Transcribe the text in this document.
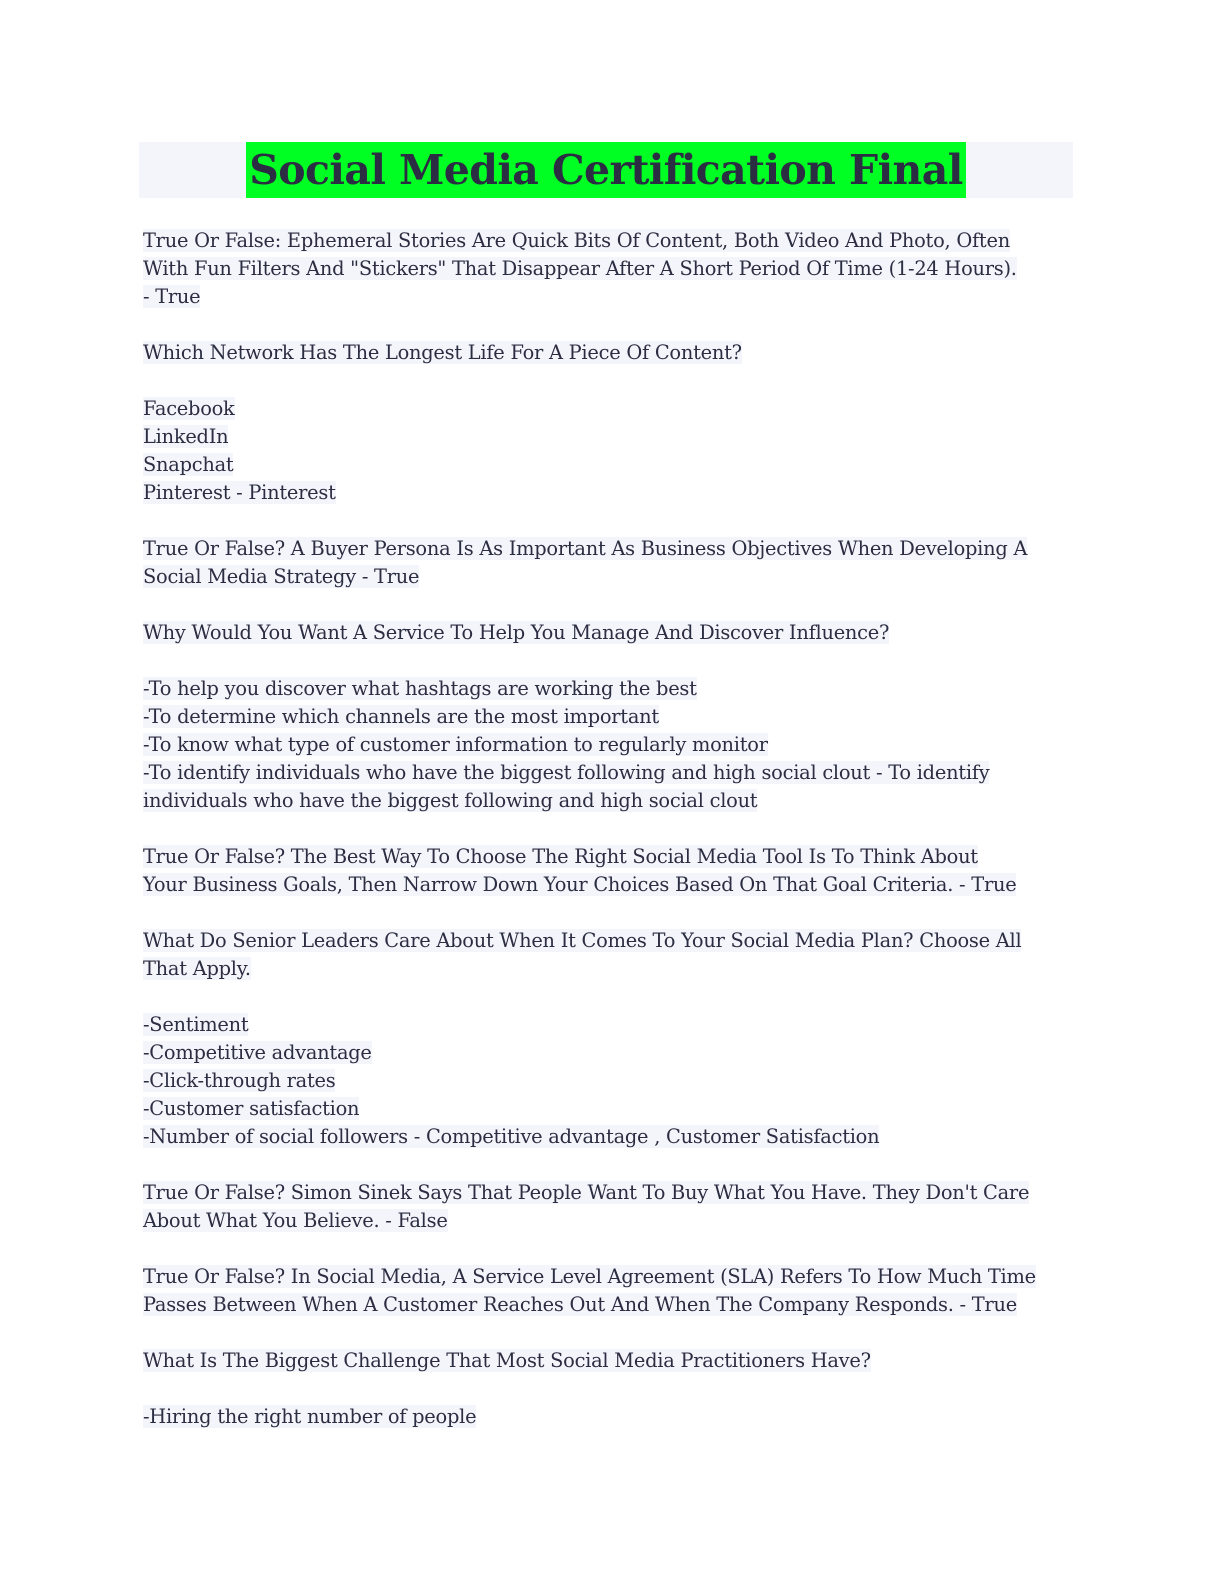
Social Media Certification Final
True Or False: Ephemeral Stories Are Quick Bits Of Content, Both Video And Photo, Often
With Fun Filters And "Stickers" That Disappear After A Short Period Of Time (1-24 Hours).
- True
Which Network Has The Longest Life For A Piece Of Content?
Facebook
LinkedIn
Snapchat
Pinterest - Pinterest
True Or False? A Buyer Persona Is As Important As Business Objectives When Developing A
Social Media Strategy - True
Why Would You Want A Service To Help You Manage And Discover Influence?
-To help you discover what hashtags are working the best
-To determine which channels are the most important
-To know what type of customer information to regularly monitor
-To identify individuals who have the biggest following and high social clout - To identify
individuals who have the biggest following and high social clout
True Or False? The Best Way To Choose The Right Social Media Tool Is To Think About
Your Business Goals, Then Narrow Down Your Choices Based On That Goal Criteria. - True
What Do Senior Leaders Care About When It Comes To Your Social Media Plan? Choose All
That Apply.
-Sentiment
-Competitive advantage
-Click-through rates
-Customer satisfaction
-Number of social followers - Competitive advantage , Customer Satisfaction
True Or False? Simon Sinek Says That People Want To Buy What You Have. They Don't Care
About What You Believe. - False
True Or False? In Social Media, A Service Level Agreement (SLA) Refers To How Much Time
Passes Between When A Customer Reaches Out And When The Company Responds. - True
What Is The Biggest Challenge That Most Social Media Practitioners Have?
-Hiring the right number of people
